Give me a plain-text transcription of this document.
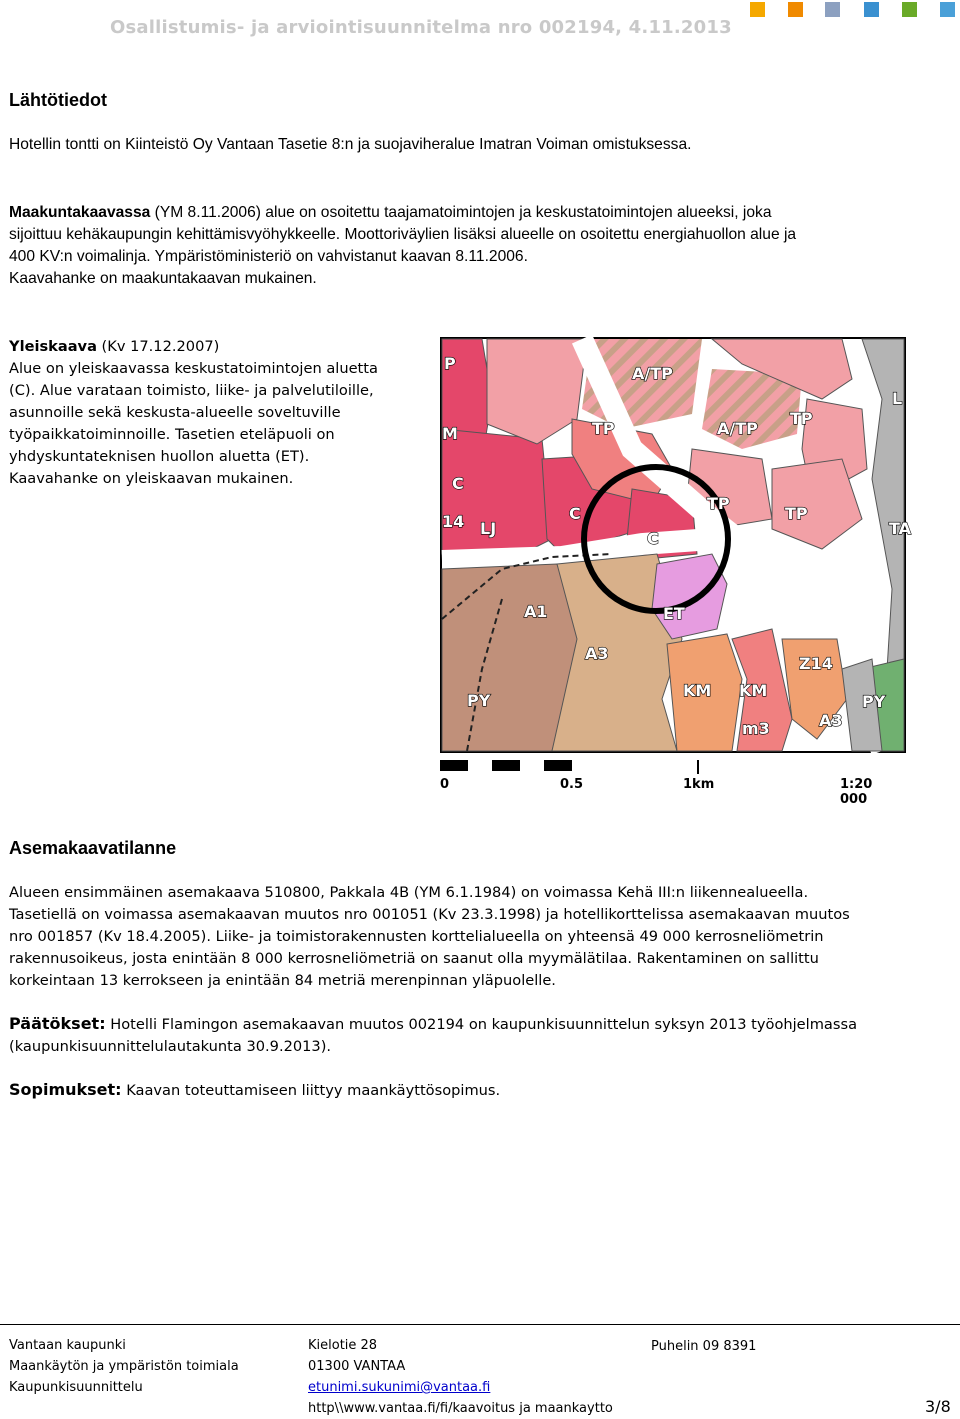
Osallistumis- ja arviointisuunnitelma nro 002194, 4.11.2013
Lähtötiedot
Hotellin tontti on Kiinteistö Oy Vantaan Tasetie 8:n ja suojaviheralue Imatran Voiman omistuksessa.
Maakuntakaavassa (YM 8.11.2006) alue on osoitettu taajamatoimintojen ja keskustatoimintojen alueeksi, joka
sijoittuu kehäkaupungin kehittämisvyöhykkeelle. Moottoriväylien lisäksi alueelle on osoitettu energiahuollon alue ja
400 KV:n voimalinja. Ympäristöministeriö on vahvistanut kaavan 8.11.2006.
Kaavahanke on maakuntakaavan mukainen.
Yleiskaava (Kv 17.12.2007)
Alue on yleiskaavassa keskustatoimintojen aluetta
(C). Alue varataan toimisto, liike- ja palvelutiloille,
asunnoille sekä keskusta-alueelle soveltuville
työpaikkatoiminnoille. Tasetien eteläpuoli on
yhdyskuntateknisen huollon aluetta (ET).
Kaavahanke on yleiskaavan mukainen.
P
A/TP
TP	A/TP
TP
L
M
C
LJ
C
C
TP
TP
TA
ET
A1
A3
KM KM
Z14
PY	PY
m3	A3
14
0	0.5	1km	1:20 000
Asemakaavatilanne
Alueen ensimmäinen asemakaava 510800, Pakkala 4B (YM 6.1.1984) on voimassa Kehä III:n liikennealueella.
Tasetiellä on voimassa asemakaavan muutos nro 001051 (Kv 23.3.1998) ja hotellikorttelissa asemakaavan muutos
nro 001857 (Kv 18.4.2005). Liike- ja toimistorakennusten korttelialueella on yhteensä 49 000 kerrosneliömetrin
rakennusoikeus, josta enintään 8 000 kerrosneliömetriä on saanut olla myymälätilaa. Rakentaminen on sallittu
korkeintaan 13 kerrokseen ja enintään 84 metriä merenpinnan yläpuolelle.
Päätökset: Hotelli Flamingon asemakaavan muutos 002194 on kaupunkisuunnittelun syksyn 2013 työohjelmassa
(kaupunkisuunnittelulautakunta 30.9.2013).
Sopimukset: Kaavan toteuttamiseen liittyy maankäyttösopimus.
Vantaan kaupunki
Maankäytön ja ympäristön toimiala
Kaupunkisuunnittelu
Kielotie 28
01300 VANTAA
etunimi.sukunimi@vantaa.fi
http\\www.vantaa.fi/fi/kaavoitus ja maankaytto
Puhelin 09 8391
3/8
